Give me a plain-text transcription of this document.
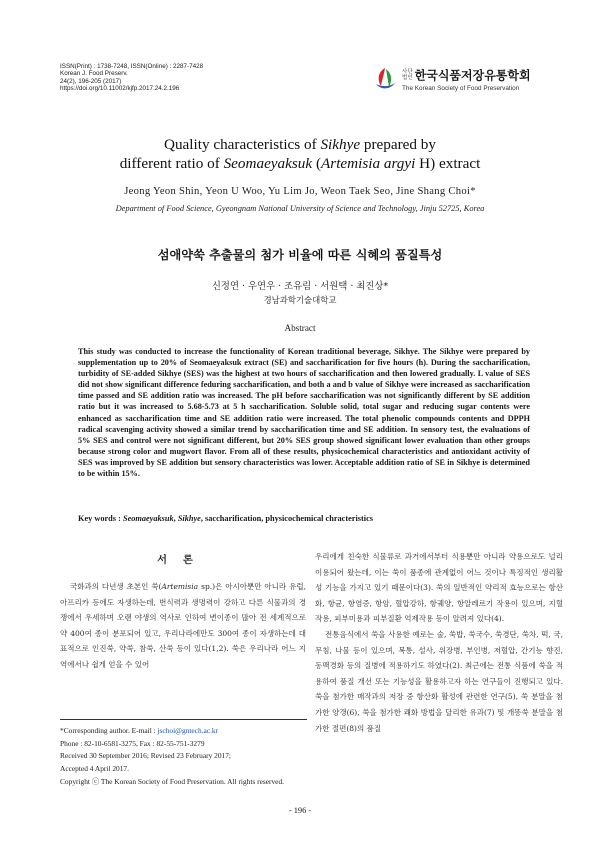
ISSN(Print) : 1738-7248, ISSN(Online) : 2287-7428
Korean J. Food Preserv.
24(2), 196-205 (2017)
https://doi.org/10.11002/kjfp.2017.24.2.196
사단
법인 한국식품저장유통학회
The Korean Society of Food Preservation
Quality characteristics of Sikhye prepared by
different ratio of Seomaeyaksuk (Artemisia argyi H) extract
Jeong Yeon Shin, Yeon U Woo, Yu Lim Jo, Weon Taek Seo, Jine Shang Choi*
Department of Food Science, Gyeongnam National University of Science and Technology, Jinju 52725, Korea
섬애약쑥 추출물의 첨가 비율에 따른 식혜의 품질특성
신정연 · 우연우 · 조유림 · 서원택 · 최진상*
경남과학기술대학교
Abstract
This study was conducted to increase the functionality of Korean traditional beverage, Sikhye. The Sikhye were prepared by supplementation up to 20% of Seomaeyaksuk extract (SE) and saccharification for five hours (h). During the saccharification, turbidity of SE-added Sikhye (SES) was the highest at two hours of saccharification and then lowered gradually. L value of SES did not show significant difference feduring saccharification, and both a and b value of Sikhye were increased as saccharification time passed and SE addition ratio was increased. The pH before saccharification was not significantly different by SE addition ratio but it was increased to 5.68-5.73 at 5 h saccharification. Soluble solid, total sugar and reducing sugar contents were enhanced as saccharification time and SE addition ratio were increased. The total phenolic compounds contents and DPPH radical scavenging activity showed a similar trend by saccharification time and SE addition. In sensory test, the evaluations of 5% SES and control were not significant different, but 20% SES group showed significant lower evaluation than other groups because strong color and mugwort flavor. From all of these results, physicochemical characteristics and antioxidant activity of SES was improved by SE addition but sensory characteristics was lower. Acceptable addition ratio of SE in Sikhye is determined to be within 15%.
Key words : Seomaeyaksuk, Sikhye, saccharification, physicochemical chracteristics
서론
국화과의 다년생 초본인 쑥(Artemisia sp.)은 아시아뿐만 아니라 유럽, 아프리카 등에도 자생하는데, 번식력과 생명력이 강하고 다른 식물과의 경쟁에서 우세하며 오랜 야생의 역사로 인하여 변이종이 많아 전 세계적으로 약 400여 종이 분포되어 있고, 우리나라에만도 300여 종이 자생하는데 대표적으로 인진쑥, 약쑥, 참쑥, 산쑥 등이 있다(1,2). 쑥은 우리나라 어느 지역에서나 쉽게 얻을 수 있어
*Corresponding author. E-mail : jschoi@gntech.ac.kr
Phone : 82-10-6581-3275, Fax : 82-55-751-3279
Received 30 September 2016; Revised 23 February 2017;
Accepted 4 April 2017.
Copyright ⓒ The Korean Society of Food Preservation. All rights reserved.
우리에게 친숙한 식물류로 과거에서부터 식용뿐만 아니라 약용으로도 널리 이용되어 왔는데, 이는 쑥이 품종에 관계없이 어느 것이나 특징적인 생리활성 기능을 가지고 있기 때문이다(3). 쑥의 일반적인 약리적 효능으로는 항산화, 항균, 항염증, 항암, 혈압강하, 항궤양, 항알레르기 작용이 있으며, 지혈작용, 피부미용과 피부질환 억제작용 등이 알려져 있다(4).
전통음식에서 쑥을 사용한 예로는 술, 쑥밥, 쑥국수, 쑥경단, 쑥차, 떡, 국, 무침, 나물 등이 있으며, 복통, 설사, 위장병, 부인병, 저혈압, 간기능 향진, 동맥경화 등의 질병에 적용하기도 하였다(2). 최근에는 전통 식품에 쑥을 적용하여 품질 개선 또는 기능성을 활용하고자 하는 연구들이 진행되고 있다. 쑥을 첨가한 매작과의 저장 중 항산화 활성에 관련한 연구(5), 쑥 분말을 첨가한 양갱(6), 쑥을 첨가한 쾌화 방법을 달리한 유과(7) 및 개똥쑥 분말을 첨가한 절편(8)의 품질
- 196 -
